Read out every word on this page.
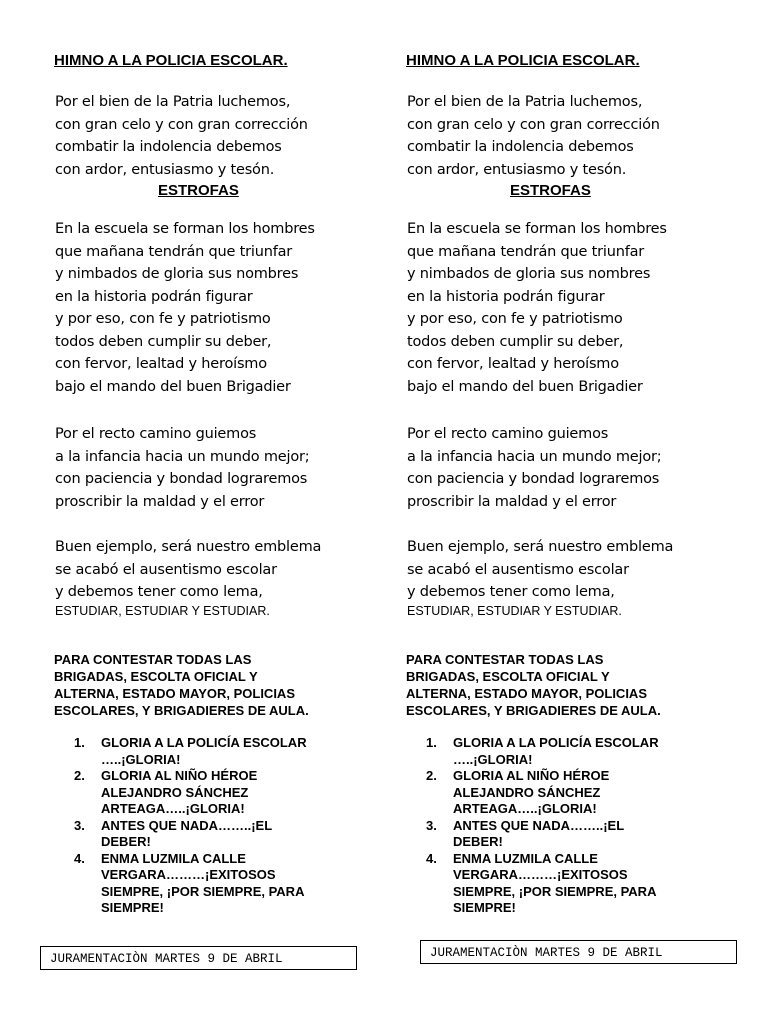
HIMNO A LA POLICIA ESCOLAR.
Por el bien de la Patria luchemos,
con gran celo y con gran corrección
combatir la indolencia debemos
con ardor, entusiasmo y tesón.
ESTROFAS
En la escuela se forman los hombres
que mañana tendrán que triunfar
y nimbados de gloria sus nombres
en la historia podrán figurar
y por eso, con fe y patriotismo
todos deben cumplir su deber,
con fervor, lealtad y heroísmo
bajo el mando del buen Brigadier
Por el recto camino guiemos
a la infancia hacia un mundo mejor;
con paciencia y bondad lograremos
proscribir la maldad y el error
Buen ejemplo, será nuestro emblema
se acabó el ausentismo escolar
y debemos tener como lema,
ESTUDIAR, ESTUDIAR Y ESTUDIAR.
PARA CONTESTAR TODAS LAS
BRIGADAS, ESCOLTA OFICIAL Y
ALTERNA, ESTADO MAYOR, POLICIAS
ESCOLARES, Y BRIGADIERES DE AULA.
1. GLORIA A LA POLICÍA ESCOLAR
…..¡GLORIA!
2. GLORIA AL NIÑO HÉROE
ALEJANDRO SÁNCHEZ
ARTEAGA…..¡GLORIA!
3. ANTES QUE NADA……..¡EL
DEBER!
4. ENMA LUZMILA CALLE
VERGARA………¡EXITOSOS
SIEMPRE, ¡POR SIEMPRE, PARA
SIEMPRE!
JURAMENTACIÒN MARTES 9 DE ABRIL
HIMNO A LA POLICIA ESCOLAR.
Por el bien de la Patria luchemos,
con gran celo y con gran corrección
combatir la indolencia debemos
con ardor, entusiasmo y tesón.
ESTROFAS
En la escuela se forman los hombres
que mañana tendrán que triunfar
y nimbados de gloria sus nombres
en la historia podrán figurar
y por eso, con fe y patriotismo
todos deben cumplir su deber,
con fervor, lealtad y heroísmo
bajo el mando del buen Brigadier
Por el recto camino guiemos
a la infancia hacia un mundo mejor;
con paciencia y bondad lograremos
proscribir la maldad y el error
Buen ejemplo, será nuestro emblema
se acabó el ausentismo escolar
y debemos tener como lema,
ESTUDIAR, ESTUDIAR Y ESTUDIAR.
PARA CONTESTAR TODAS LAS
BRIGADAS, ESCOLTA OFICIAL Y
ALTERNA, ESTADO MAYOR, POLICIAS
ESCOLARES, Y BRIGADIERES DE AULA.
1. GLORIA A LA POLICÍA ESCOLAR
…..¡GLORIA!
2. GLORIA AL NIÑO HÉROE
ALEJANDRO SÁNCHEZ
ARTEAGA…..¡GLORIA!
3. ANTES QUE NADA……..¡EL
DEBER!
4. ENMA LUZMILA CALLE
VERGARA………¡EXITOSOS
SIEMPRE, ¡POR SIEMPRE, PARA
SIEMPRE!
JURAMENTACIÒN MARTES 9 DE ABRIL
